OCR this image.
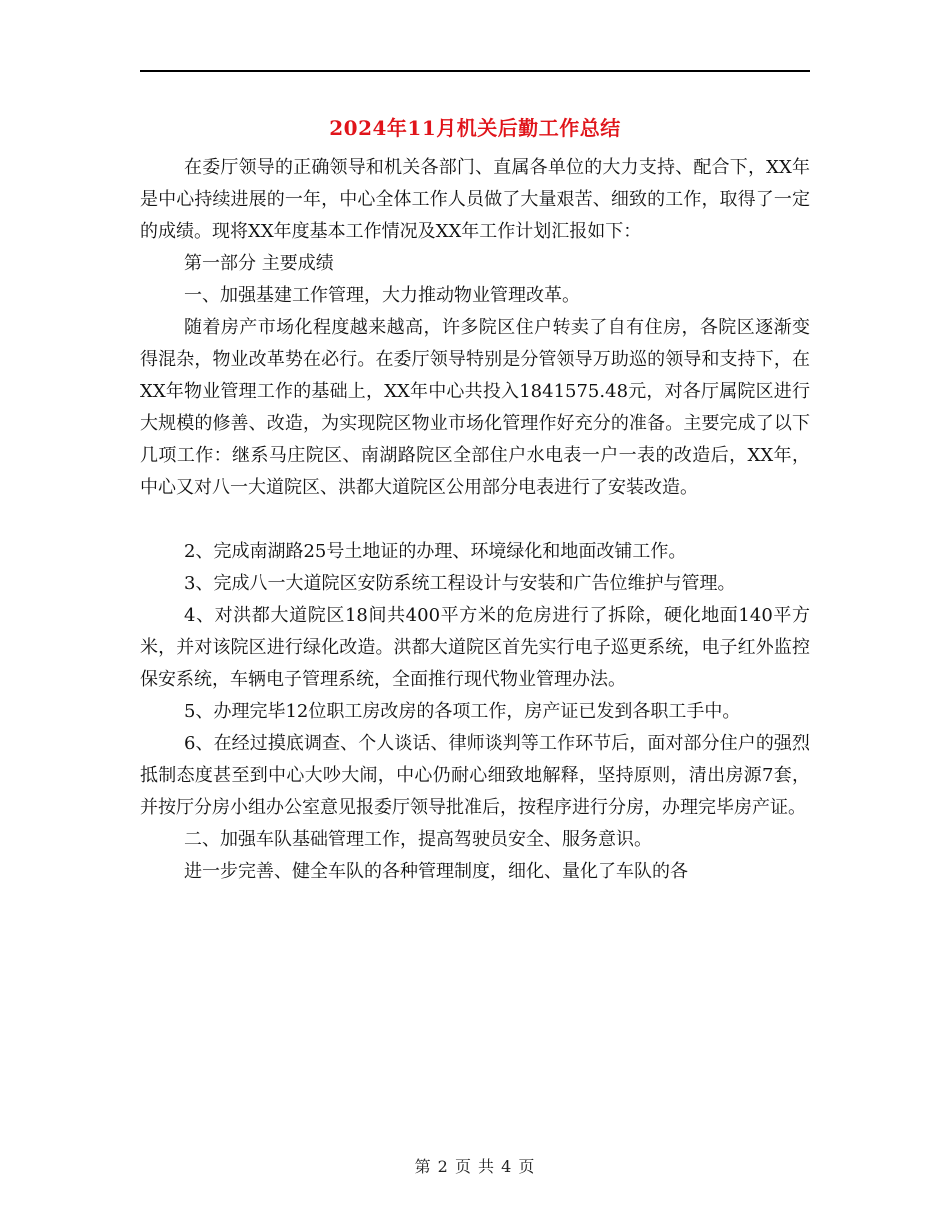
2024年11月机关后勤工作总结

在委厅领导的正确领导和机关各部门、直属各单位的大力支持、配合下，XX年是中心持续进展的一年，中心全体工作人员做了大量艰苦、细致的工作，取得了一定的成绩。现将XX年度基本工作情况及XX年工作计划汇报如下：

第一部分 主要成绩

一、加强基建工作管理，大力推动物业管理改革。

随着房产市场化程度越来越高，许多院区住户转卖了自有住房，各院区逐渐变得混杂，物业改革势在必行。在委厅领导特别是分管领导万助巡的领导和支持下，在XX年物业管理工作的基础上，XX年中心共投入1841575.48元，对各厅属院区进行大规模的修善、改造，为实现院区物业市场化管理作好充分的准备。主要完成了以下几项工作：继系马庄院区、南湖路院区全部住户水电表一户一表的改造后，XX年，中心又对八一大道院区、洪都大道院区公用部分电表进行了安装改造。

2、完成南湖路25号土地证的办理、环境绿化和地面改铺工作。

3、完成八一大道院区安防系统工程设计与安装和广告位维护与管理。

4、对洪都大道院区18间共400平方米的危房进行了拆除，硬化地面140平方米，并对该院区进行绿化改造。洪都大道院区首先实行电子巡更系统，电子红外监控保安系统，车辆电子管理系统，全面推行现代物业管理办法。

5、办理完毕12位职工房改房的各项工作，房产证已发到各职工手中。

6、在经过摸底调查、个人谈话、律师谈判等工作环节后，面对部分住户的强烈抵制态度甚至到中心大吵大闹，中心仍耐心细致地解释，坚持原则，清出房源7套，并按厅分房小组办公室意见报委厅领导批准后，按程序进行分房，办理完毕房产证。

二、加强车队基础管理工作，提高驾驶员安全、服务意识。

进一步完善、健全车队的各种管理制度，细化、量化了车队的各

第 2 页 共 4 页
